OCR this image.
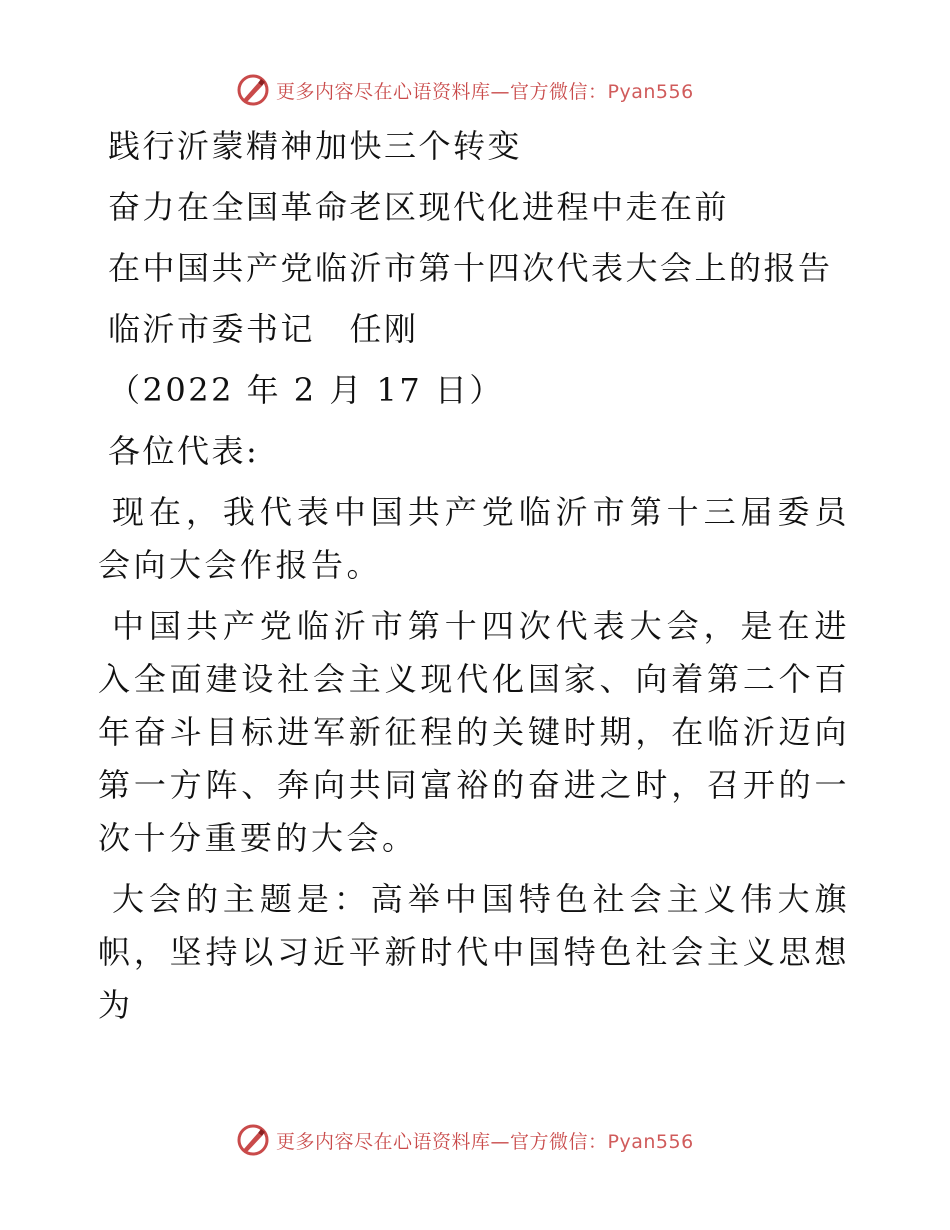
更多内容尽在心语资料库—官方微信：Pyan556
践行沂蒙精神加快三个转变
奋力在全国革命老区现代化进程中走在前
在中国共产党临沂市第十四次代表大会上的报告
临沂市委书记　任刚
（2022 年 2 月 17 日）
各位代表:
现在，我代表中国共产党临沂市第十三届委员会向大会作报告。
中国共产党临沂市第十四次代表大会，是在进入全面建设社会主义现代化国家、向着第二个百年奋斗目标进军新征程的关键时期，在临沂迈向第一方阵、奔向共同富裕的奋进之时，召开的一次十分重要的大会。
大会的主题是：高举中国特色社会主义伟大旗帜，坚持以习近平新时代中国特色社会主义思想为
更多内容尽在心语资料库—官方微信：Pyan556
